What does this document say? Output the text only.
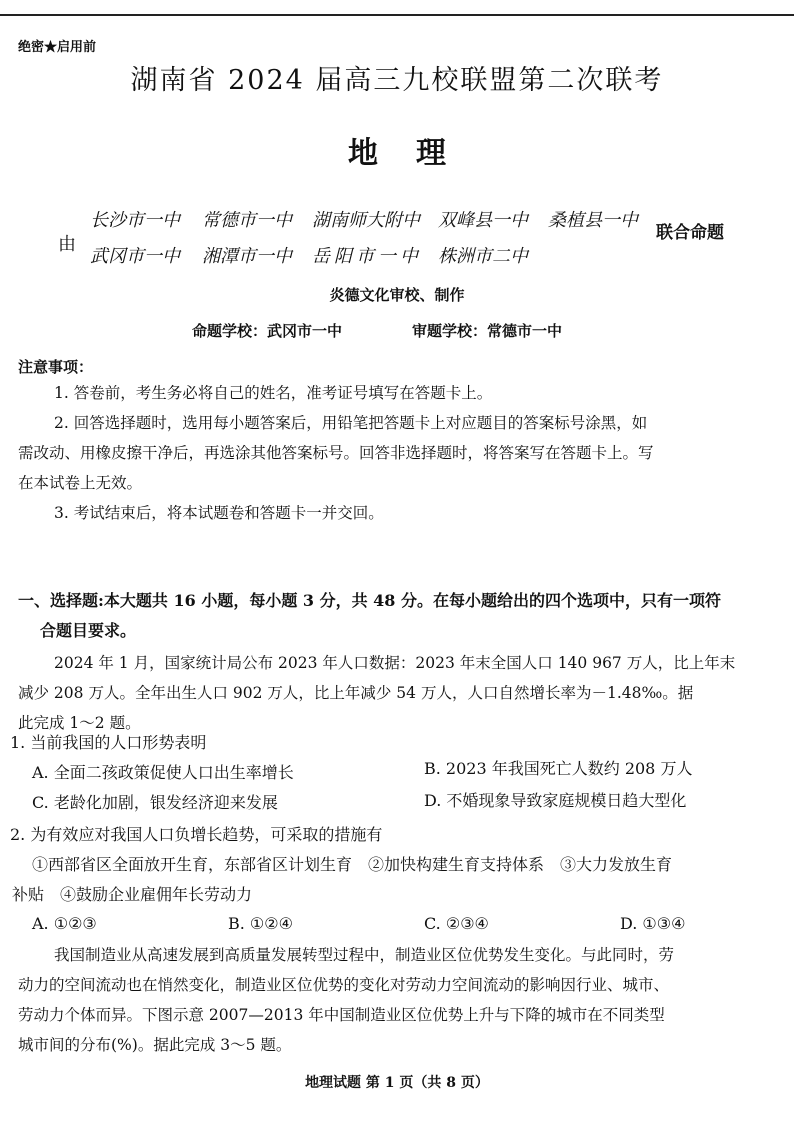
绝密★启用前
湖南省 2024 届高三九校联盟第二次联考
地理
由
长沙市一中 常德市一中 湖南师大附中 双峰县一中 桑植县一中
武冈市一中 湘潭市一中 岳阳市一中 株洲市二中
联合命题
炎德文化审校、制作
命题学校：武冈市一中	审题学校：常德市一中
注意事项：
1. 答卷前，考生务必将自己的姓名，准考证号填写在答题卡上。
2. 回答选择题时，选用每小题答案后，用铅笔把答题卡上对应题目的答案标号涂黑，如
需改动、用橡皮擦干净后，再选涂其他答案标号。回答非选择题时，将答案写在答题卡上。写
在本试卷上无效。
3. 考试结束后，将本试题卷和答题卡一并交回。
一、选择题:本大题共 16 小题，每小题 3 分，共 48 分。在每小题给出的四个选项中，只有一项符
合题目要求。
2024 年 1 月，国家统计局公布 2023 年人口数据：2023 年末全国人口 140 967 万人，比上年末
减少 208 万人。全年出生人口 902 万人，比上年减少 54 万人，人口自然增长率为－1.48‰。据
此完成 1～2 题。
1. 当前我国的人口形势表明
A. 全面二孩政策促使人口出生率增长	B. 2023 年我国死亡人数约 208 万人
C. 老龄化加剧，银发经济迎来发展	D. 不婚现象导致家庭规模日趋大型化
2. 为有效应对我国人口负增长趋势，可采取的措施有
①西部省区全面放开生育，东部省区计划生育　②加快构建生育支持体系　③大力发放生育
补贴　④鼓励企业雇佣年长劳动力
A. ①②③	B. ①②④	C. ②③④	D. ①③④
我国制造业从高速发展到高质量发展转型过程中，制造业区位优势发生变化。与此同时，劳
动力的空间流动也在悄然变化，制造业区位优势的变化对劳动力空间流动的影响因行业、城市、
劳动力个体而异。下图示意 2007—2013 年中国制造业区位优势上升与下降的城市在不同类型
城市间的分布(%)。据此完成 3～5 题。
地理试题 第 1 页（共 8 页）
